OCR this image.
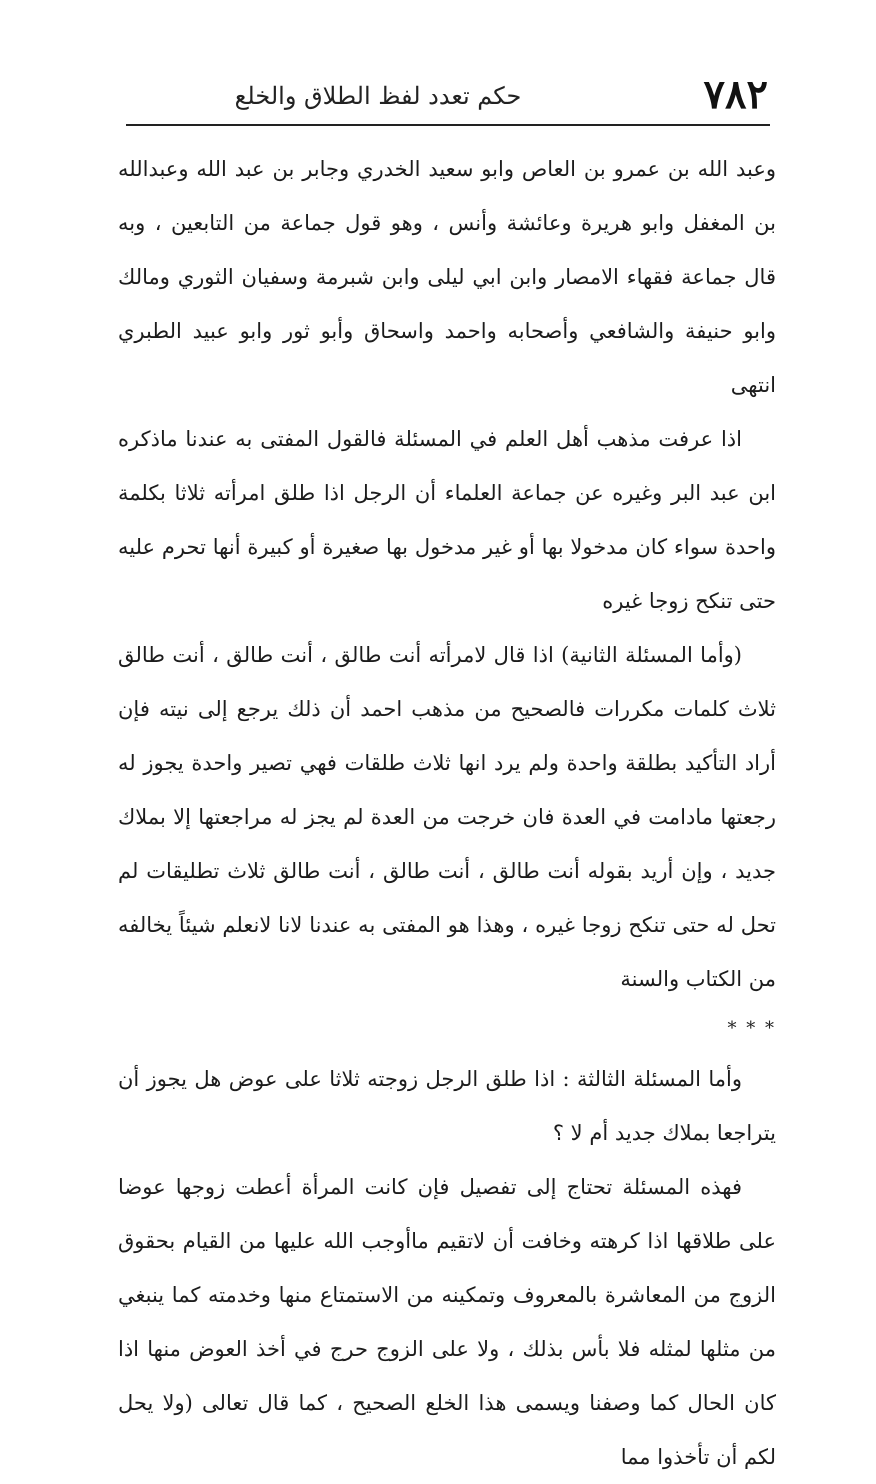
٧٨٢
حكم تعدد لفظ الطلاق والخلع

وعبد الله بن عمرو بن العاص وابو سعيد الخدري وجابر بن عبد الله وعبدالله بن المغفل وابو هريرة وعائشة وأنس ، وهو قول جماعة من التابعين ، وبه قال جماعة فقهاء الامصار وابن ابي ليلى وابن شبرمة وسفيان الثوري ومالك وابو حنيفة والشافعي وأصحابه واحمد واسحاق وأبو ثور وابو عبيد الطبري انتهى

اذا عرفت مذهب أهل العلم في المسئلة فالقول المفتى به عندنا ماذكره ابن عبد البر وغيره عن جماعة العلماء أن الرجل اذا طلق امرأته ثلاثا بكلمة واحدة سواء كان مدخولا بها أو غير مدخول بها صغيرة أو كبيرة أنها تحرم عليه حتى تنكح زوجا غيره

(وأما المسئلة الثانية) اذا قال لامرأته أنت طالق ، أنت طالق ، أنت طالق ثلاث كلمات مكررات فالصحيح من مذهب احمد أن ذلك يرجع إلى نيته فإن أراد التأكيد بطلقة واحدة ولم يرد انها ثلاث طلقات فهي تصير واحدة يجوز له رجعتها مادامت في العدة فان خرجت من العدة لم يجز له مراجعتها إلا بملاك جديد ، وإن أريد بقوله أنت طالق ، أنت طالق ، أنت طالق ثلاث تطليقات لم تحل له حتى تنكح زوجا غيره ، وهذا هو المفتى به عندنا لانا لانعلم شيئاً يخالفه من الكتاب والسنة

* * *

وأما المسئلة الثالثة : اذا طلق الرجل زوجته ثلاثا على عوض هل يجوز أن يتراجعا بملاك جديد أم لا ؟

فهذه المسئلة تحتاج إلى تفصيل فإن كانت المرأة أعطت زوجها عوضا على طلاقها اذا كرهته وخافت أن لاتقيم ماأوجب الله عليها من القيام بحقوق الزوج من المعاشرة بالمعروف وتمكينه من الاستمتاع منها وخدمته كما ينبغي من مثلها لمثله فلا بأس بذلك ، ولا على الزوج حرج في أخذ العوض منها اذا كان الحال كما وصفنا ويسمى هذا الخلع الصحيح ، كما قال تعالى (ولا يحل لكم أن تأخذوا مما
